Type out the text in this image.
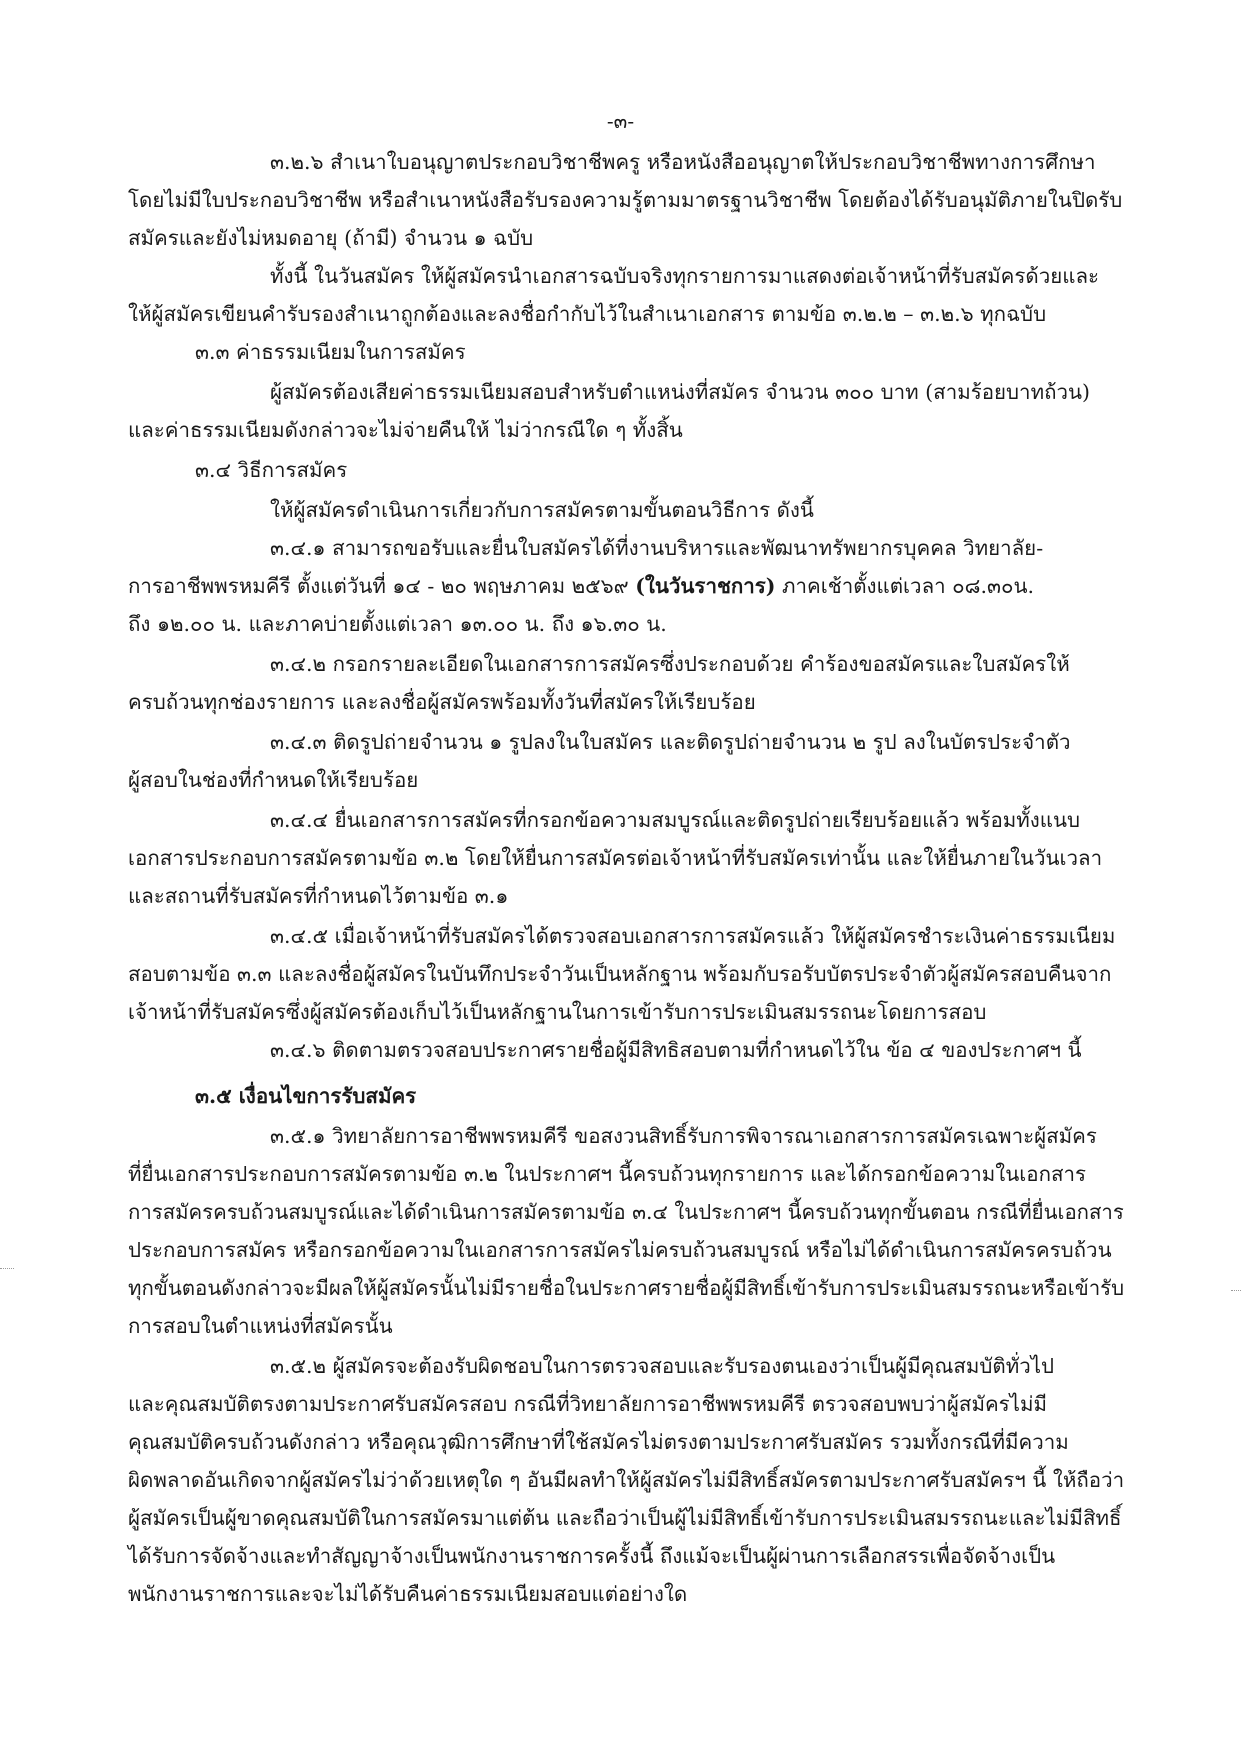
-๓-
๓.๒.๖ สำเนาใบอนุญาตประกอบวิชาชีพครู หรือหนังสืออนุญาตให้ประกอบวิชาชีพทางการศึกษา
โดยไม่มีใบประกอบวิชาชีพ หรือสำเนาหนังสือรับรองความรู้ตามมาตรฐานวิชาชีพ โดยต้องได้รับอนุมัติภายในปิดรับ
สมัครและยังไม่หมดอายุ (ถ้ามี) จำนวน ๑ ฉบับ
ทั้งนี้ ในวันสมัคร ให้ผู้สมัครนำเอกสารฉบับจริงทุกรายการมาแสดงต่อเจ้าหน้าที่รับสมัครด้วยและ
ให้ผู้สมัครเขียนคำรับรองสำเนาถูกต้องและลงชื่อกำกับไว้ในสำเนาเอกสาร ตามข้อ ๓.๒.๒ – ๓.๒.๖ ทุกฉบับ
๓.๓ ค่าธรรมเนียมในการสมัคร
ผู้สมัครต้องเสียค่าธรรมเนียมสอบสำหรับตำแหน่งที่สมัคร จำนวน ๓๐๐ บาท (สามร้อยบาทถ้วน)
และค่าธรรมเนียมดังกล่าวจะไม่จ่ายคืนให้ ไม่ว่ากรณีใด ๆ ทั้งสิ้น
๓.๔ วิธีการสมัคร
ให้ผู้สมัครดำเนินการเกี่ยวกับการสมัครตามขั้นตอนวิธีการ ดังนี้
๓.๔.๑ สามารถขอรับและยื่นใบสมัครได้ที่งานบริหารและพัฒนาทรัพยากรบุคคล วิทยาลัย-
การอาชีพพรหมคีรี ตั้งแต่วันที่ ๑๔ - ๒๐ พฤษภาคม ๒๕๖๙ (ในวันราชการ) ภาคเช้าตั้งแต่เวลา ๐๘.๓๐น.
ถึง ๑๒.๐๐ น. และภาคบ่ายตั้งแต่เวลา ๑๓.๐๐ น. ถึง ๑๖.๓๐ น.
๓.๔.๒ กรอกรายละเอียดในเอกสารการสมัครซึ่งประกอบด้วย คำร้องขอสมัครและใบสมัครให้
ครบถ้วนทุกช่องรายการ และลงชื่อผู้สมัครพร้อมทั้งวันที่สมัครให้เรียบร้อย
๓.๔.๓ ติดรูปถ่ายจำนวน ๑ รูปลงในใบสมัคร และติดรูปถ่ายจำนวน ๒ รูป ลงในบัตรประจำตัว
ผู้สอบในช่องที่กำหนดให้เรียบร้อย
๓.๔.๔ ยื่นเอกสารการสมัครที่กรอกข้อความสมบูรณ์และติดรูปถ่ายเรียบร้อยแล้ว พร้อมทั้งแนบ
เอกสารประกอบการสมัครตามข้อ ๓.๒ โดยให้ยื่นการสมัครต่อเจ้าหน้าที่รับสมัครเท่านั้น และให้ยื่นภายในวันเวลา
และสถานที่รับสมัครที่กำหนดไว้ตามข้อ ๓.๑
๓.๔.๕ เมื่อเจ้าหน้าที่รับสมัครได้ตรวจสอบเอกสารการสมัครแล้ว ให้ผู้สมัครชำระเงินค่าธรรมเนียม
สอบตามข้อ ๓.๓ และลงชื่อผู้สมัครในบันทึกประจำวันเป็นหลักฐาน พร้อมกับรอรับบัตรประจำตัวผู้สมัครสอบคืนจาก
เจ้าหน้าที่รับสมัครซึ่งผู้สมัครต้องเก็บไว้เป็นหลักฐานในการเข้ารับการประเมินสมรรถนะโดยการสอบ
๓.๔.๖ ติดตามตรวจสอบประกาศรายชื่อผู้มีสิทธิสอบตามที่กำหนดไว้ใน ข้อ ๔ ของประกาศฯ นี้
๓.๕ เงื่อนไขการรับสมัคร
๓.๕.๑ วิทยาลัยการอาชีพพรหมคีรี ขอสงวนสิทธิ์รับการพิจารณาเอกสารการสมัครเฉพาะผู้สมัคร
ที่ยื่นเอกสารประกอบการสมัครตามข้อ ๓.๒ ในประกาศฯ นี้ครบถ้วนทุกรายการ และได้กรอกข้อความในเอกสาร
การสมัครครบถ้วนสมบูรณ์และได้ดำเนินการสมัครตามข้อ ๓.๔ ในประกาศฯ นี้ครบถ้วนทุกขั้นตอน กรณีที่ยื่นเอกสาร
ประกอบการสมัคร หรือกรอกข้อความในเอกสารการสมัครไม่ครบถ้วนสมบูรณ์ หรือไม่ได้ดำเนินการสมัครครบถ้วน
ทุกขั้นตอนดังกล่าวจะมีผลให้ผู้สมัครนั้นไม่มีรายชื่อในประกาศรายชื่อผู้มีสิทธิ์เข้ารับการประเมินสมรรถนะหรือเข้ารับ
การสอบในตำแหน่งที่สมัครนั้น
๓.๕.๒ ผู้สมัครจะต้องรับผิดชอบในการตรวจสอบและรับรองตนเองว่าเป็นผู้มีคุณสมบัติทั่วไป
และคุณสมบัติตรงตามประกาศรับสมัครสอบ กรณีที่วิทยาลัยการอาชีพพรหมคีรี ตรวจสอบพบว่าผู้สมัครไม่มี
คุณสมบัติครบถ้วนดังกล่าว หรือคุณวุฒิการศึกษาที่ใช้สมัครไม่ตรงตามประกาศรับสมัคร รวมทั้งกรณีที่มีความ
ผิดพลาดอันเกิดจากผู้สมัครไม่ว่าด้วยเหตุใด ๆ อันมีผลทำให้ผู้สมัครไม่มีสิทธิ์สมัครตามประกาศรับสมัครฯ นี้ ให้ถือว่า
ผู้สมัครเป็นผู้ขาดคุณสมบัติในการสมัครมาแต่ต้น และถือว่าเป็นผู้ไม่มีสิทธิ์เข้ารับการประเมินสมรรถนะและไม่มีสิทธิ์
ได้รับการจัดจ้างและทำสัญญาจ้างเป็นพนักงานราชการครั้งนี้ ถึงแม้จะเป็นผู้ผ่านการเลือกสรรเพื่อจัดจ้างเป็น
พนักงานราชการและจะไม่ได้รับคืนค่าธรรมเนียมสอบแต่อย่างใด
